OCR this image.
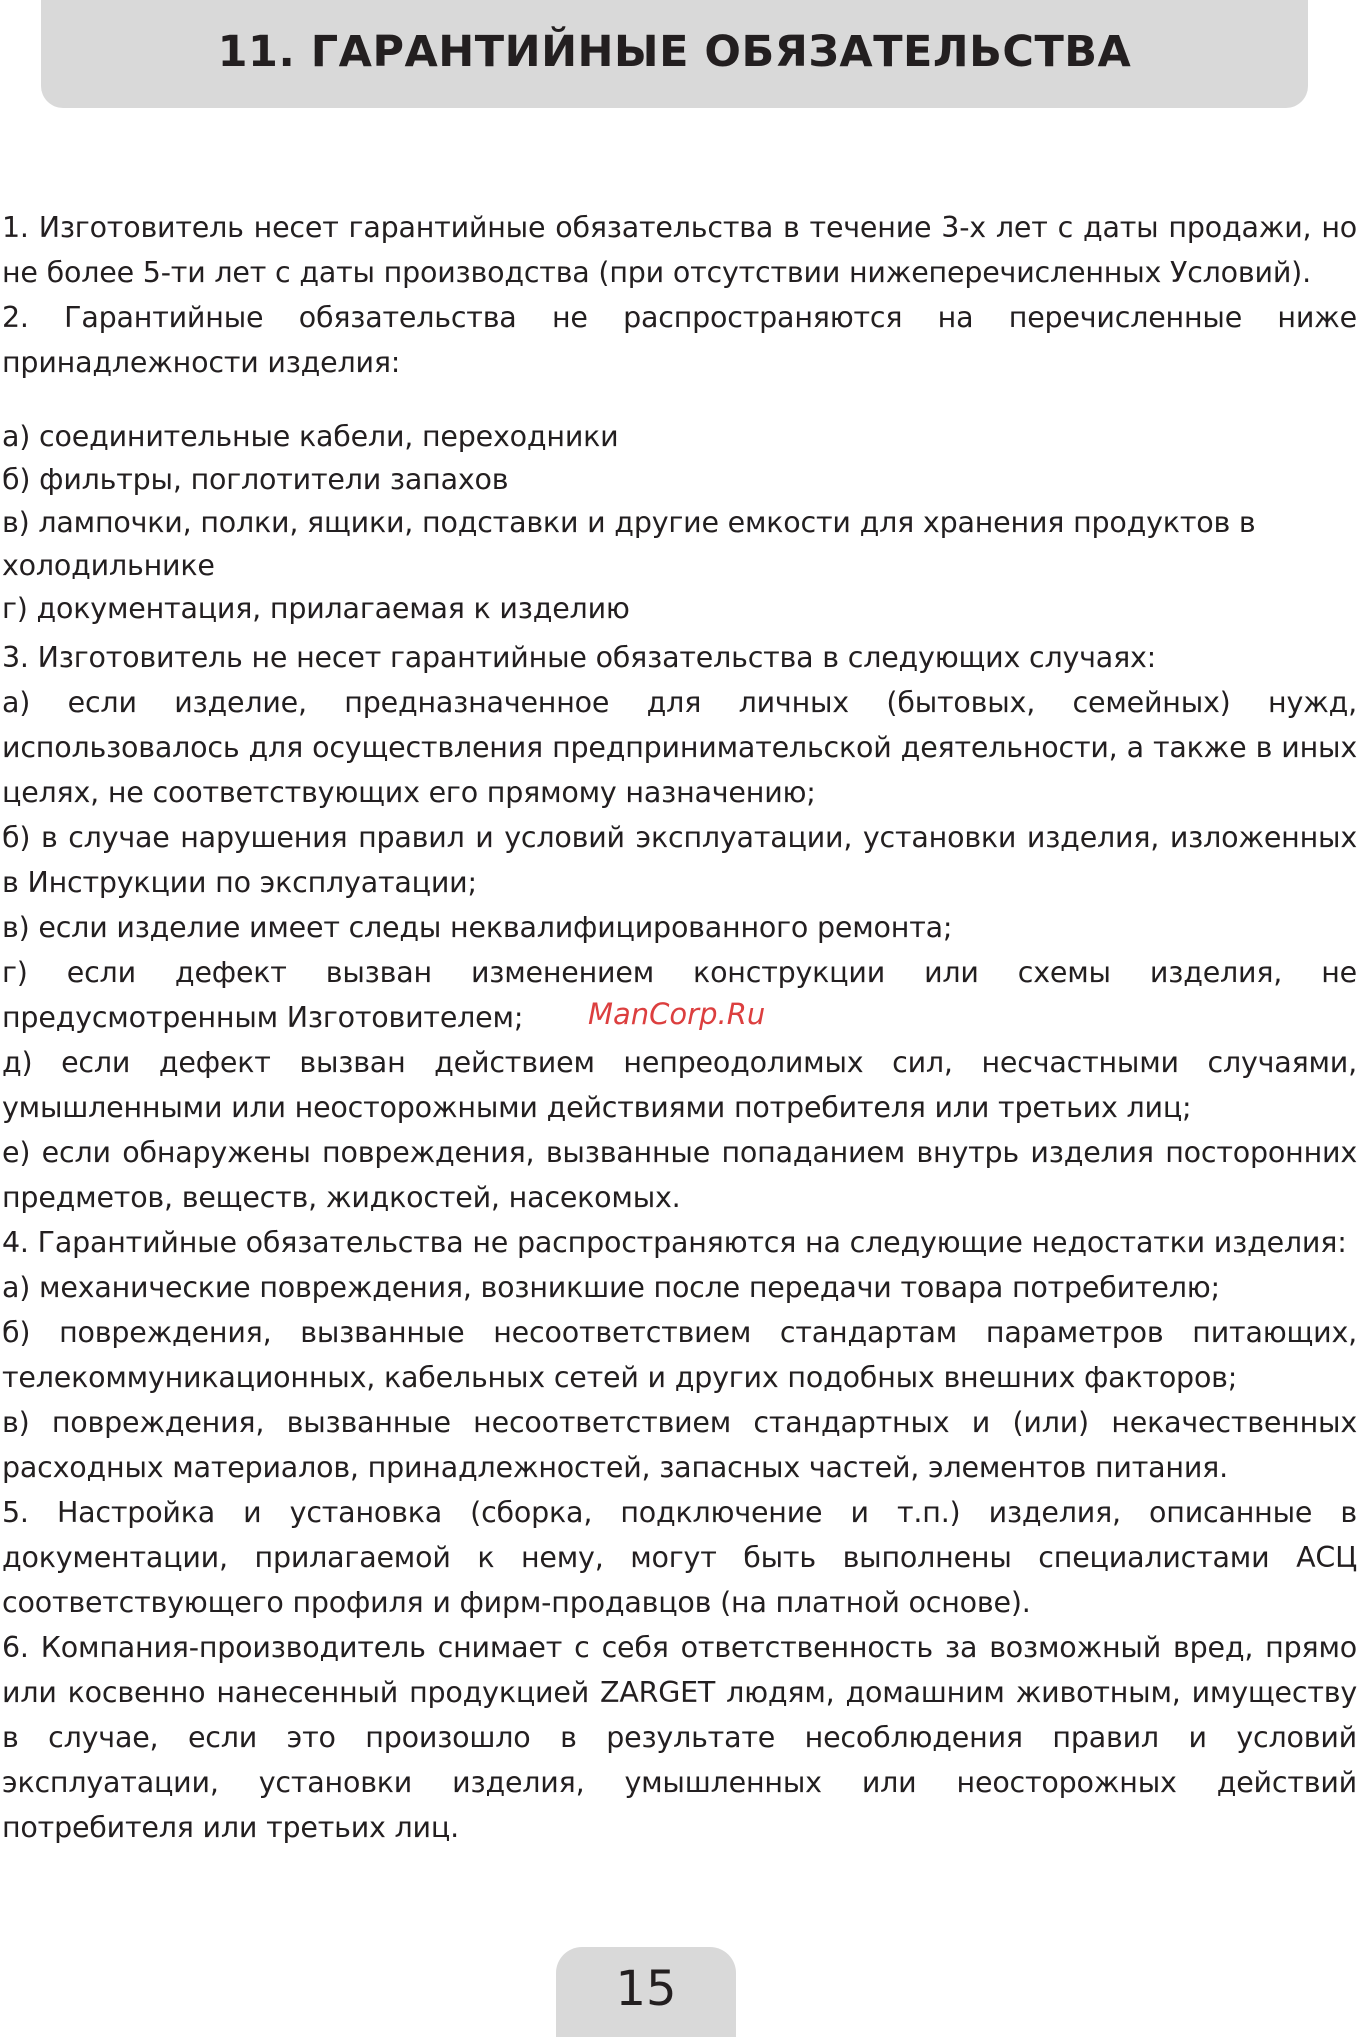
11. ГАРАНТИЙНЫЕ ОБЯЗАТЕЛЬСТВА

1. Изготовитель несет гарантийные обязательства в течение 3-х лет с даты продажи, но не более 5-ти лет с даты производства (при отсутствии нижеперечисленных Условий).

2. Гарантийные обязательства не распространяются на перечисленные ниже принадлежности изделия:

а) соединительные кабели, переходники

б) фильтры, поглотители запахов

в) лампочки, полки, ящики, подставки и другие емкости для хранения продуктов в холодильнике

г) документация, прилагаемая к изделию

3. Изготовитель не несет гарантийные обязательства в следующих случаях:

а) если изделие, предназначенное для личных (бытовых, семейных) нужд, использовалось для осуществления предпринимательской деятельности, а также в иных целях, не соответствующих его прямому назначению;

б) в случае нарушения правил и условий эксплуатации, установки изделия, изложенных в Инструкции по эксплуатации;

в) если изделие имеет следы неквалифицированного ремонта;

г) если дефект вызван изменением конструкции или схемы изделия, не предусмотренным Изготовителем;

д) если дефект вызван действием непреодолимых сил, несчастными случаями, умышленными или неосторожными действиями потребителя или третьих лиц;

е) если обнаружены повреждения, вызванные попаданием внутрь изделия посторонних предметов, веществ, жидкостей, насекомых.

4. Гарантийные обязательства не распространяются на следующие недостатки изделия:

а) механические повреждения, возникшие после передачи товара потребителю;

б) повреждения, вызванные несоответствием стандартам параметров питающих, телекоммуникационных, кабельных сетей и других подобных внешних факторов;

в) повреждения, вызванные несоответствием стандартных и (или) некачественных расходных материалов, принадлежностей, запасных частей, элементов питания.

5. Настройка и установка (сборка, подключение и т.п.) изделия, описанные в документации, прилагаемой к нему, могут быть выполнены специалистами АСЦ соответствующего профиля и фирм-продавцов (на платной основе).

6. Компания-производитель снимает с себя ответственность за возможный вред, прямо или косвенно нанесенный продукцией ZARGET людям, домашним животным, имуществу в случае, если это произошло в результате несоблюдения правил и условий эксплуатации, установки изделия, умышленных или неосторожных действий потребителя или третьих лиц.

ManCorp.Ru
15
